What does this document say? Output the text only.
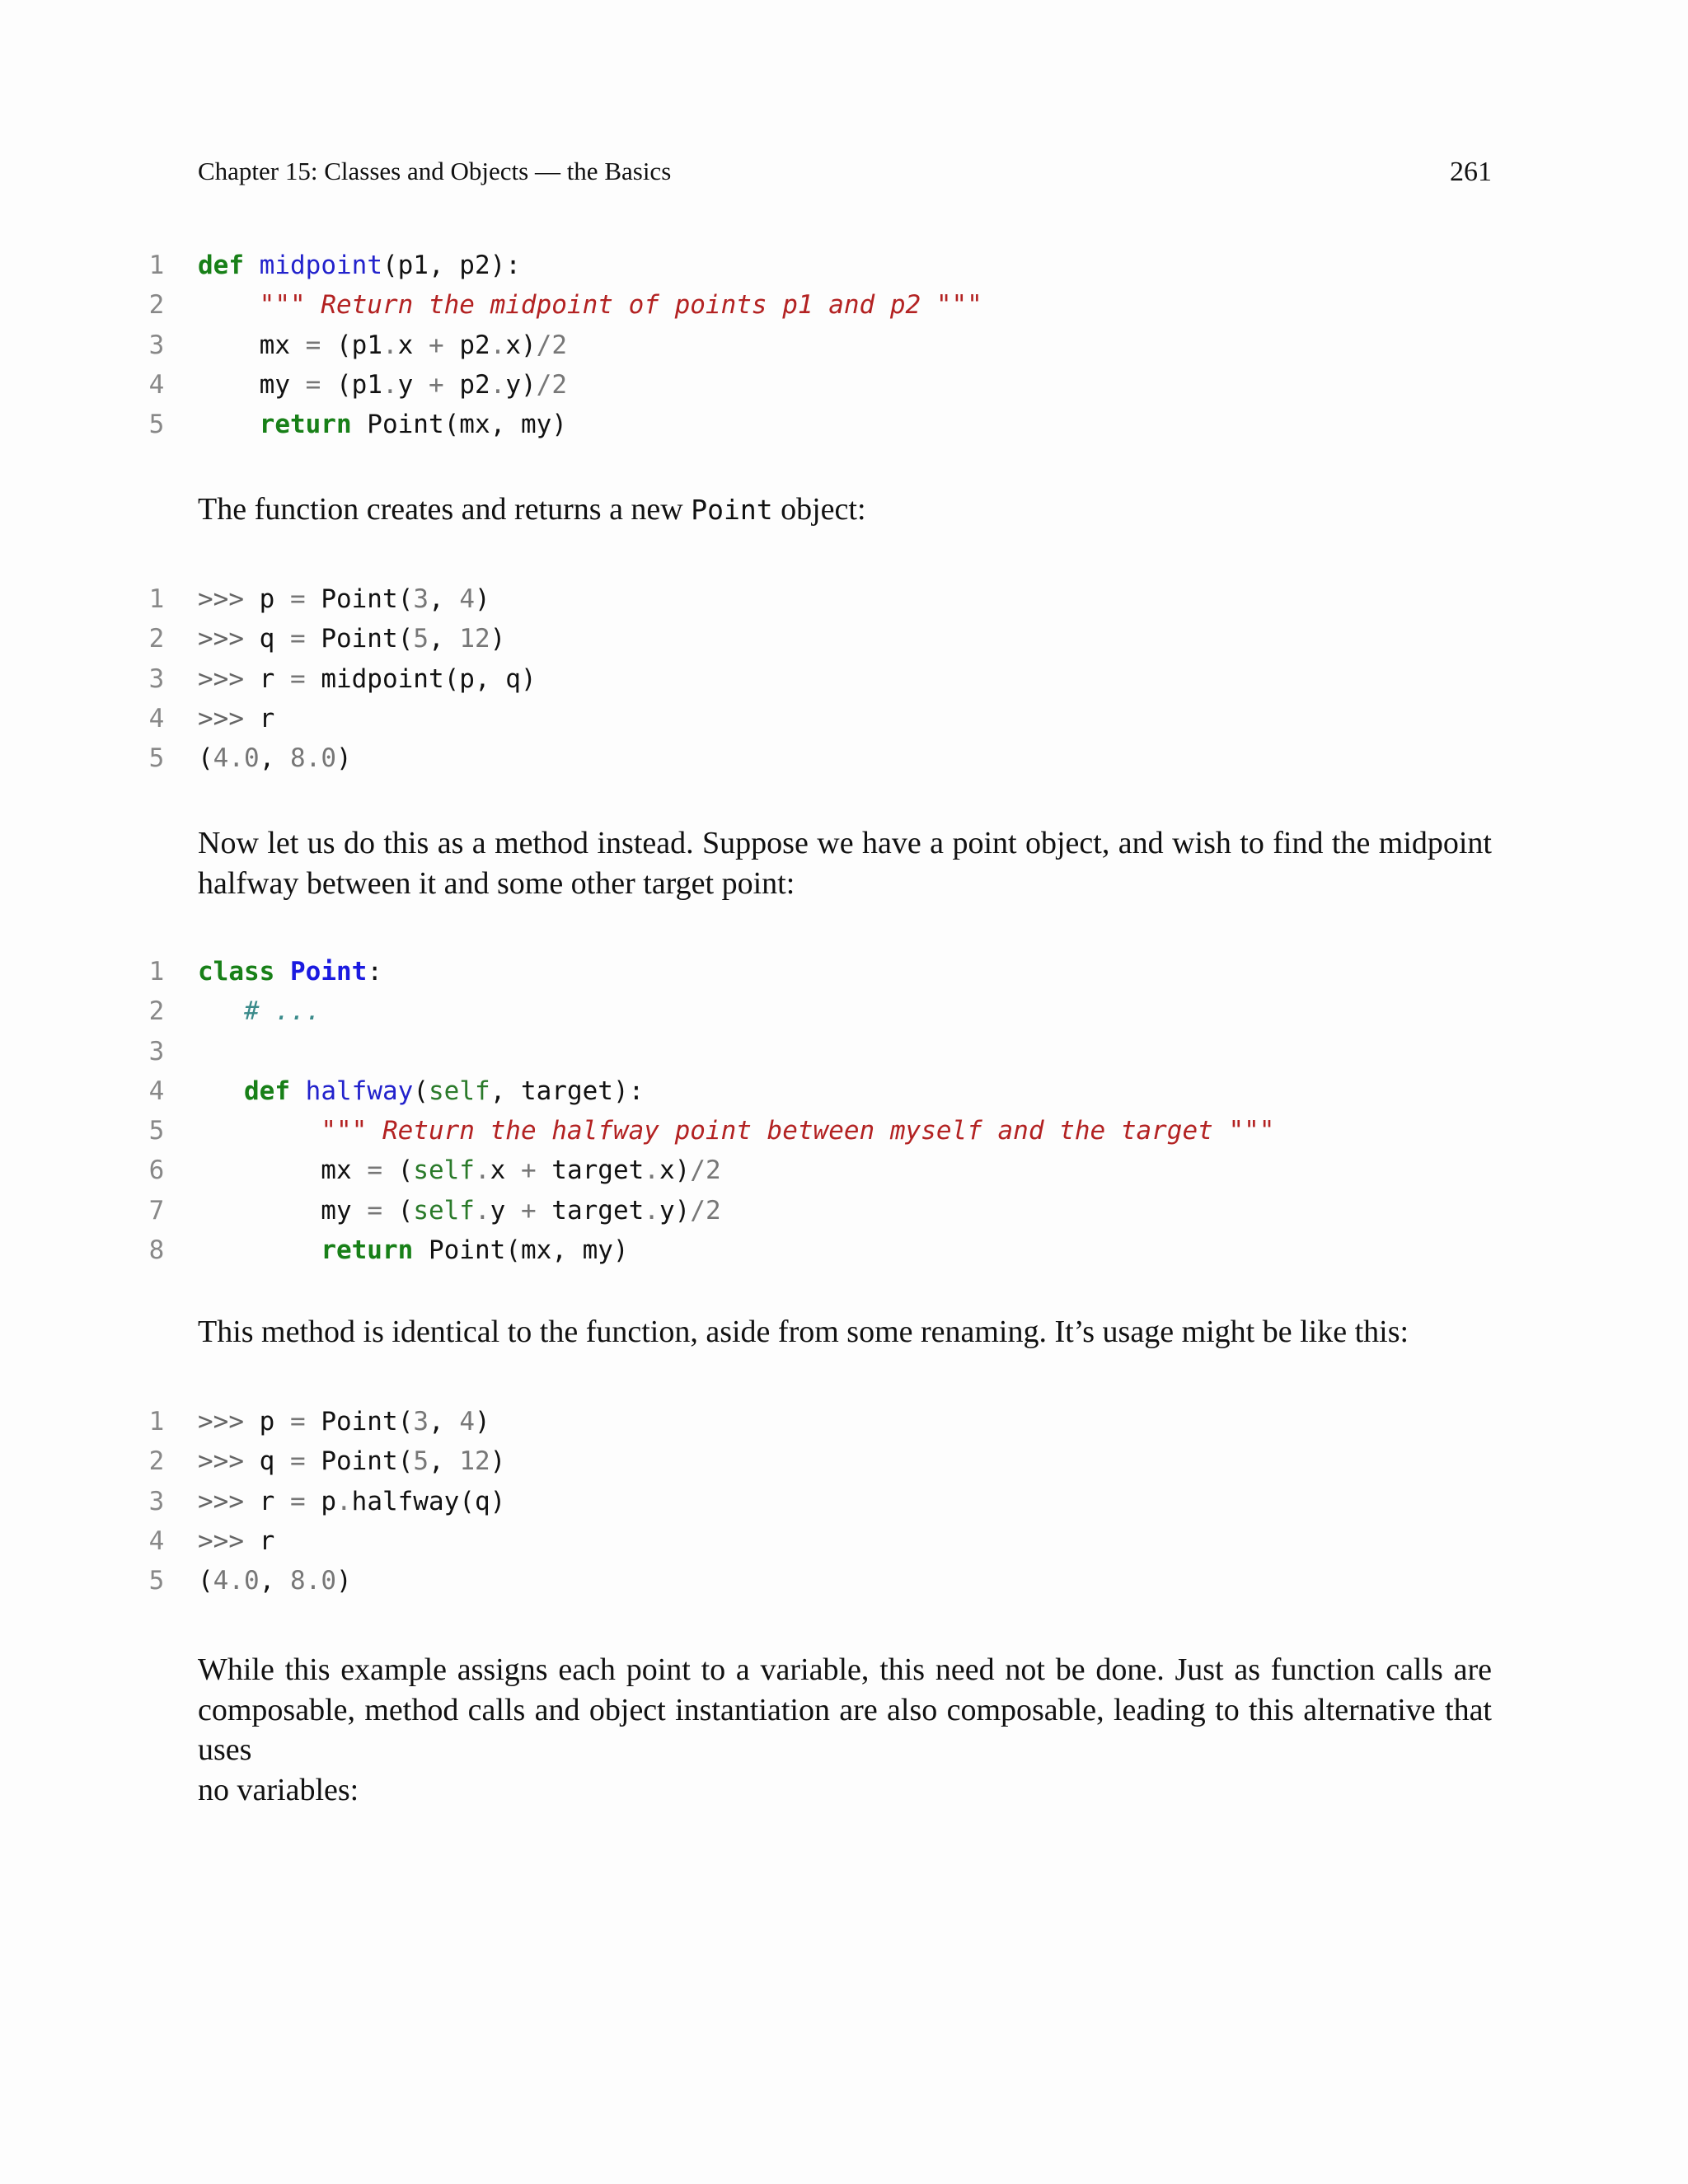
Chapter 15: Classes and Objects — the Basics	261
1 def midpoint(p1, p2):
2	""" Return the midpoint of points p1 and p2 """
3 mx = (p1.x + p2.x)/2
4 my = (p1.y + p2.y)/2
5	return Point(mx, my)

The function creates and returns a new Point object:

1 >>> p = Point(3, 4)
2 >>> q = Point(5, 12)
3 >>> r = midpoint(p, q)
4 >>> r
5 (4.0, 8.0)

Now let us do this as a method instead. Suppose we have a point object, and wish to find the midpoint halfway between it and some other target point:

1 class Point:
2	# ...
3
4	def halfway(self, target):
5	""" Return the halfway point between myself and the target """
6 mx = (self.x + target.x)/2
7 my = (self.y + target.y)/2
8	return Point(mx, my)

This method is identical to the function, aside from some renaming. It’s usage might be like this:

1 >>> p = Point(3, 4)
2 >>> q = Point(5, 12)
3 >>> r = p.halfway(q)
4 >>> r
5 (4.0, 8.0)

While this example assigns each point to a variable, this need not be done. Just as function calls are composable, method calls and object instantiation are also composable, leading to this alternative that uses

no variables:
